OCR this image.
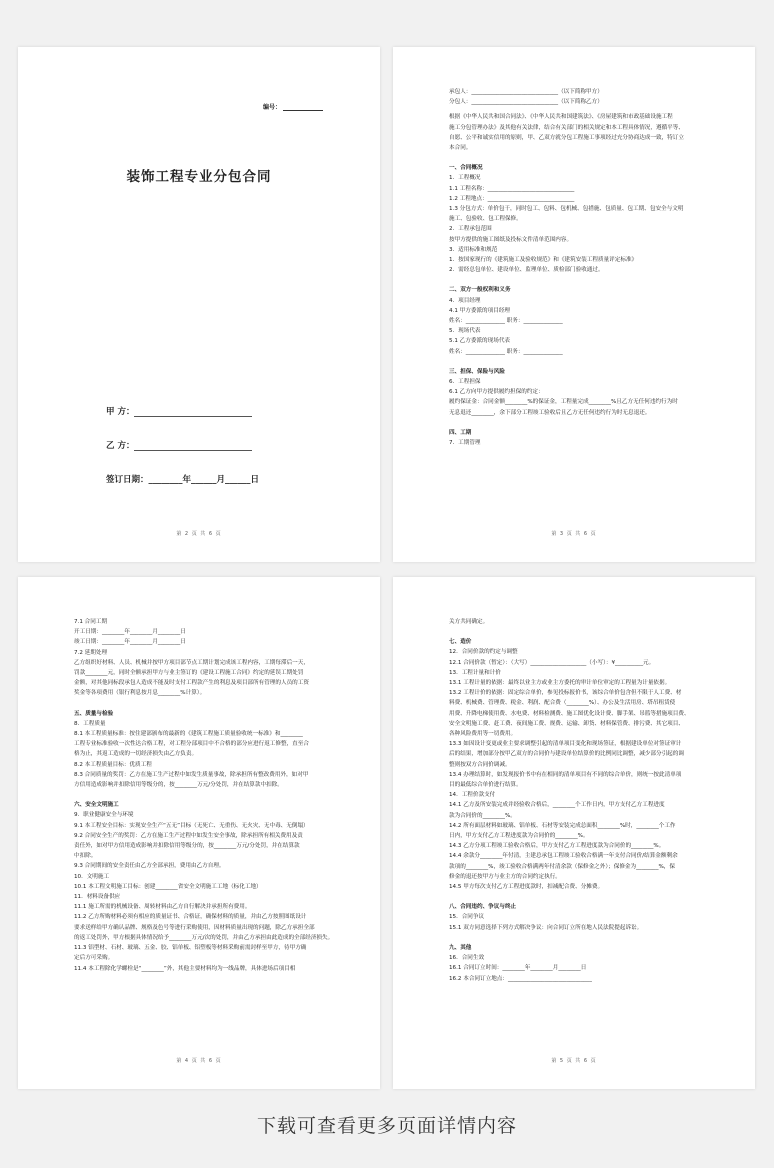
编号：
装饰工程专业分包合同
甲 方：
乙 方：
签订日期：________年______月______日
第 2 页 共 6 页
承包人：_______________________________（以下简称甲方）
分包人：_______________________________（以下简称乙方）
根据《中华人民共和国合同法》、《中华人民共和国建筑法》、《房屋建筑和市政基础设施工程
施工分包管理办法》及其他有关法律，结合有关部门的相关规定和本工程具体情况，遵循平等、
自愿、公平和诚实信用的原则，甲、乙双方就分包工程施工事项经过充分协商达成一致，特订立
本合同。
一、合同概况
1．工程概况
1.1 工程名称：_______________________________
1.2 工程地点：_______________________________
1.3 分包方式：单价包干，同时包工、包料、包机械、包措施、包质量、包工期、包安全与文明
施工、包验收、包工程保修。
2．工程承包范围
按甲方提供的施工图纸及投标文件清单范围内容。
3．适用标准和规范
1．按国家现行的《建筑施工及验收规范》和《建筑安装工程质量评定标准》
2．需经总包单位、建设单位、监理单位、质检部门验收通过。
二、双方一般权利和义务
4．项目经理
4.1 甲方委派的项目经理
姓名：______________ 职务：______________
5．现场代表
5.1 乙方委派的现场代表
姓名：______________ 职务：______________
三、担保、保险与风险
6．工程担保
6.1 乙方向甲方提供履约担保的约定：
履约保证金：合同金额________%的保证金，工程量完成________%且乙方无任何违约行为时
无息退还________，余下部分工程竣工验收后且乙方无任何违约行为时无息退还。
四、工期
7．工期管理
第 3 页 共 6 页
7.1 合同工期
开工日期：________年________月________日
竣工日期：________年________月________日
7.2 延期处理
乙方组织好材料、人员、机械并按甲方项目部节点工期计划完成该工程内容，工期每滞后一天，
罚款________元，同时全额承担甲方与业主签订的《建设工程施工合同》约定的延误工期处罚
金额，对其他同标段承包人造成不能及时支付工程款产生的利息及项目部所有管理的人员的工资
奖金等各项费用（银行利息按月息________%计算）。
五、质量与检验
8．工程质量
8.1 本工程质量标准：按住建部颁布的最新的《建筑工程施工质量验收统一标准》和________
工程专业标准验收一次性达合格工程，对工程分部项目中不合格的部分应进行返工修整，直至合
格为止，其返工造成的一切经济损失由乙方负责。
8.2 本工程质量目标：优质工程
8.3 合同质量的奖罚：乙方在施工生产过程中如发生质量事故，除承担所有整改费用外，如对甲
方信用造成影响并扣除信用等级分的，按________万元/分处罚，并在结算款中扣除。
六、安全文明施工
9．职业健康安全与环境
9.1 本工程安全目标：实现安全生产“五无”目标（无死亡、无重伤、无火灾、无中毒、无倒塌）
9.2 合同安全生产的奖罚：乙方在施工生产过程中如发生安全事故，除承担所有相关费用及责
责任外，如对甲方信用造成影响并扣除信用等级分的，按________万元/分处罚，并在结算款
中扣除。
9.3 合同期间的安全责任由乙方全部承担，费用由乙方自理。
10．文明施工
10.1 本工程文明施工目标：创建________省安全文明施工工地（标化工地）
11．材料设备供应
11.1 施工所需的机械设备、周转材料由乙方自行解决并承担所有费用。
11.2 乙方所购材料必须有相应的质量证书、合格证，确保材料的质量，并由乙方按照图纸设计
要求送样给甲方确认品牌、规格及色号等进行采购使用，因材料质量出现的问题，除乙方承担全部
的返工处罚外，甲方根据具体情况给予________万元/次的处罚，并由乙方承担由此造成的全部经济损失。
11.3 铝型材、石材、玻璃、五金、胶、铝单板、铝塑板等材料采购前需封样至甲方，待甲方确
定后方可采购。
11.4 本工程除化学螺栓是“________”外，其他主要材料均为一线品牌，具体进场后项目相
第 4 页 共 6 页
关方共同确定。
七、造价
12．合同价款的约定与调整
12.1 合同价款（暂定）：（大写）____________________（小写）：¥__________元。
13．工程计量和计价
13.1 工程计量的依据：最终以业主方或业主方委托的审计单位审定的工程量为计量依据。
13.2 工程计价的依据：固定综合单价，参见投标报价书，该综合单价包含但不限于人工费、材
料费、机械费、管理费、税金、利润、配合费（________%）、办公及生活用房、塔吊租赁使
用费、升降电梯使用费、水电费、材料检测费、施工图优化设计费、脚手架、吊篮等措施项目费、
安全文明施工费、赶工费、夜间施工费、规费、运输、卸货、材料保管费、排污费、其它项目、
各种风险费用等一切费用。
13.3 如因设计变更或业主要求调整引起的清单项目变化和现场签证，根据建设单位对签证审计
后的结果，增加部分按甲乙双方的合同价与建设单位结算价的比例同比调整，减少部分引起的调
整则按双方合同价调减。
13.4 办理结算时，如发现报价书中有在相同的清单项目有不同的综合单价，则统一按此清单项
目的最低综合单价进行结算。
14．工程价款支付
14.1 乙方及所安装完成并经验收合格后，________个工作日内，甲方支付乙方工程进度
款为合同价的________%。
14.2 所有面层材料如玻璃、铝单板、石材等安装完成总面积________%时，________个工作
日内，甲方支付乙方工程进度款为合同价的________%。
14.3 乙方分项工程竣工验收合格后，甲方支付乙方工程进度款为合同价的________%。
14.4 余款分________年付清，主建总承包工程竣工验收合格满一年支付合同价/结算金额剩余
款项的________%，竣工验收合格满两年付清余款（保修金之外）；保修金为________%，保
修金的退还按甲方与业主方的合同约定执行。
14.5 甲方每次支付乙方工程进度款时，扣减配合费、分摊费。
八、合同违约、争议与终止
15．合同争议
15.1 双方同意选择下列方式解决争议：向合同订立所在地人民法院提起诉讼。
九、其他
16．合同生效
16.1 合同订立时间：________年________月________日
16.2 本合同订立地点：______________________________
第 5 页 共 6 页
下载可查看更多页面详情内容
